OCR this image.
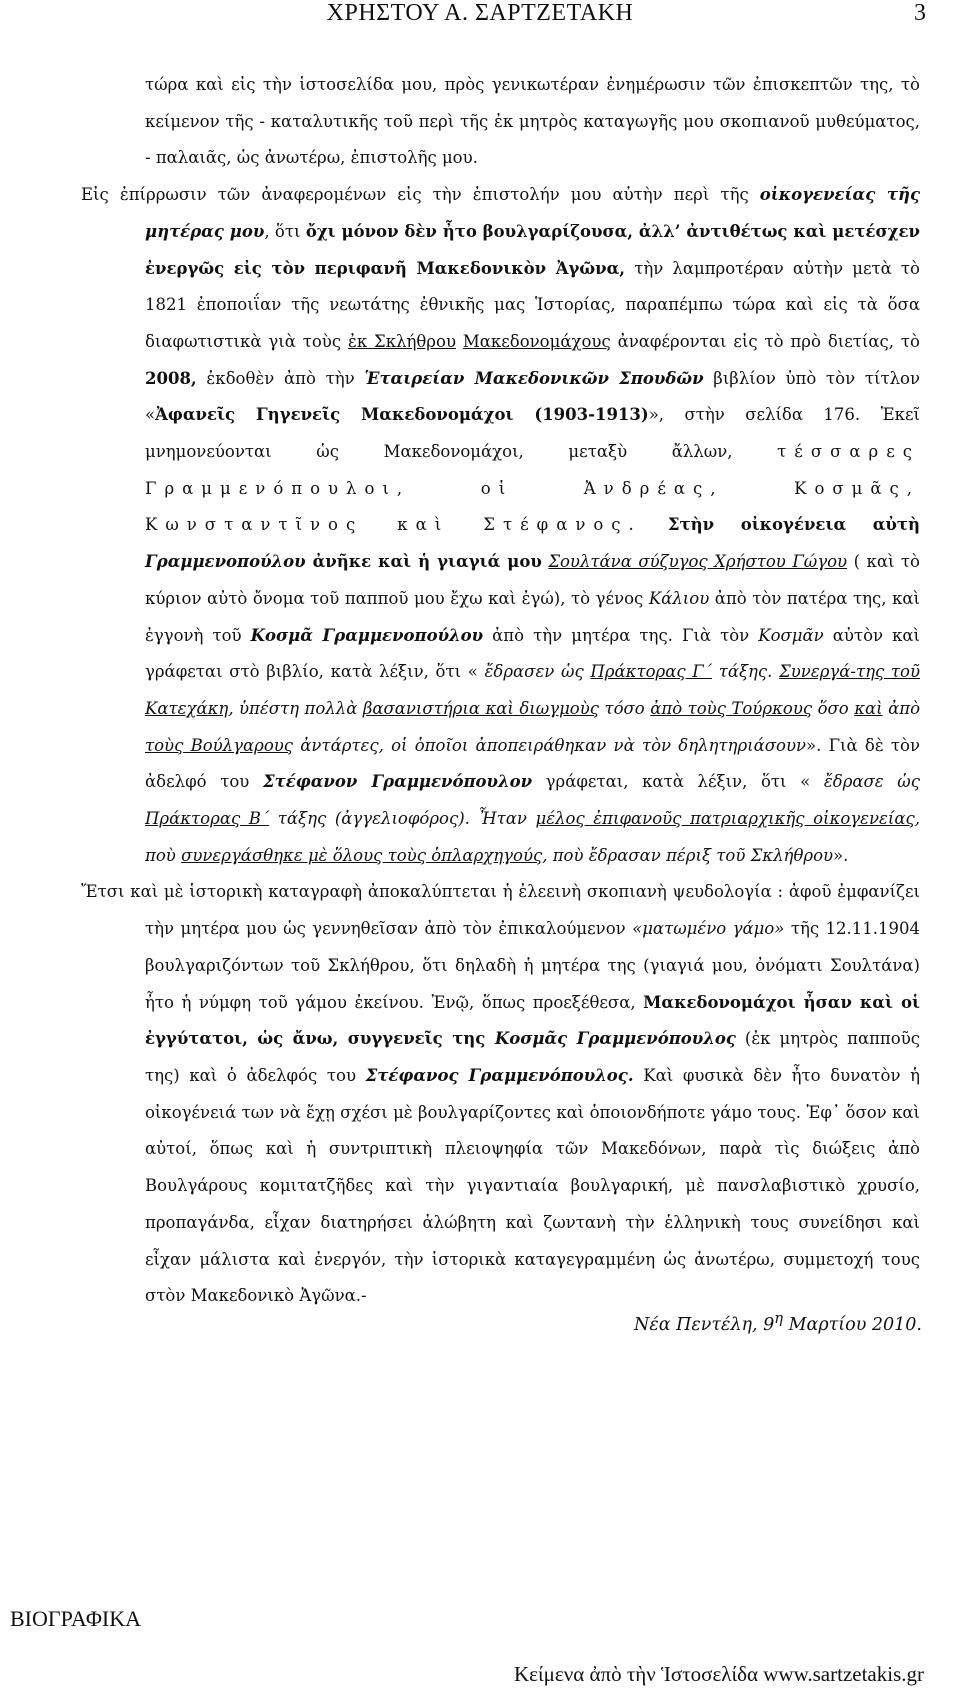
ΧΡΗΣΤΟΥ Α. ΣΑΡΤΖΕΤΑΚΗ	3

τώρα καὶ εἰς τὴν ἱστοσελίδα μου, πρὸς γενικωτέραν ἐνημέρωσιν τῶν ἐπισκεπτῶν της, τὸ κείμενον τῆς - καταλυτικῆς τοῦ περὶ τῆς ἐκ μητρὸς καταγωγῆς μου σκοπιανοῦ μυθεύματος, - παλαιᾶς, ὡς ἀνωτέρω, ἐπιστολῆς μου.

Εἰς ἐπίρρωσιν τῶν ἀναφερομένων εἰς τὴν ἐπιστολήν μου αὐτὴν περὶ τῆς οἰκογενείας τῆς μητέρας μου, ὅτι ὄχι μόνον δὲν ἦτο βουλγαρίζουσα, ἀλλ’ ἀντιθέτως καὶ μετέσχεν ἐνεργῶς εἰς τὸν περιφανῆ Μακεδονικὸν Ἀγῶνα, τὴν λαμπροτέραν αὐτὴν μετὰ τὸ 1821 ἐποποιΐαν τῆς νεωτάτης ἐθνικῆς μας Ἱστορίας, παραπέμπω τώρα καὶ εἰς τὰ ὅσα διαφωτιστικὰ γιὰ τοὺς ἐκ Σκλήθρου Μακεδονομάχους ἀναφέρονται εἰς τὸ πρὸ διετίας, τὸ 2008, ἐκδοθὲν ἀπὸ τὴν Ἑταιρείαν Μακεδονικῶν Σπουδῶν βιβλίον ὑπὸ τὸν τίτλον «Ἀφανεῖς Γηγενεῖς Μακεδονομάχοι (1903-1913)», στὴν σελίδα 176. Ἐκεῖ μνημονεύονται ὡς Μακεδονομάχοι, μεταξὺ ἄλλων, τέσσαρες Γραμμενόπουλοι, οἱ Ἀνδρέας, Κοσμᾶς, Κωνσταντῖνος καὶ Στέφανος. Στὴν οἰκογένεια αὐτὴ Γραμμενοπούλου ἀνῆκε καὶ ἡ γιαγιά μου Σουλτάνα σύζυγος Χρήστου Γώγου ( καὶ τὸ κύριον αὐτὸ ὄνομα τοῦ παπποῦ μου ἔχω καὶ ἐγώ), τὸ γένος Κάλιου ἀπὸ τὸν πατέρα της, καὶ ἐγγονὴ τοῦ Κοσμᾶ Γραμμενοπούλου ἀπὸ τὴν μητέρα της. Γιὰ τὸν Κοσμᾶν αὐτὸν καὶ γράφεται στὸ βιβλίο, κατὰ λέξιν, ὅτι « ἔδρασεν ὡς Πράκτορας Γ΄ τάξης. Συνεργά-της τοῦ Κατεχάκη, ὑπέστη πολλὰ βασανιστήρια καὶ διωγμοὺς τόσο ἀπὸ τοὺς Τούρκους ὅσο καὶ ἀπὸ τοὺς Βούλγαρους ἀντάρτες, οἱ ὁποῖοι ἀποπειράθηκαν νὰ τὸν δηλητηριάσουν». Γιὰ δὲ τὸν ἀδελφό του Στέφανον Γραμμενόπουλον γράφεται, κατὰ λέξιν, ὅτι « ἔδρασε ὡς Πράκτορας Β΄ τάξης (ἀγγελιοφόρος). Ἦταν μέλος ἐπιφανοῦς πατριαρχικῆς οἰκογενείας, ποὺ συνεργάσθηκε μὲ ὅλους τοὺς ὁπλαρχηγούς, ποὺ ἔδρασαν πέριξ τοῦ Σκλήθρου».

Ἔτσι καὶ μὲ ἱστορικὴ καταγραφὴ ἀποκαλύπτεται ἡ ἐλεεινὴ σκοπιανὴ ψευδολογία : ἀφοῦ ἐμφανίζει τὴν μητέρα μου ὡς γεννηθεῖσαν ἀπὸ τὸν ἐπικαλούμενον «ματωμένο γάμο» τῆς 12.11.1904 βουλγαριζόντων τοῦ Σκλήθρου, ὅτι δηλαδὴ ἡ μητέρα της (γιαγιά μου, ὀνόματι Σουλτάνα) ἦτο ἡ νύμφη τοῦ γάμου ἐκείνου. Ἐνῷ, ὅπως προεξέθεσα, Μακεδονομάχοι ἦσαν καὶ οἱ ἐγγύτατοι, ὡς ἄνω, συγγενεῖς της Κοσμᾶς Γραμμενόπουλος (ἐκ μητρὸς παπποῦς της) καὶ ὁ ἀδελφός του Στέφανος Γραμμενόπουλος. Καὶ φυσικὰ δὲν ἦτο δυνατὸν ἡ οἰκογένειά των νὰ ἔχῃ σχέσι μὲ βουλγαρίζοντες καὶ ὁποιονδήποτε γάμο τους. Ἐφ᾽ ὅσον καὶ αὐτοί, ὅπως καὶ ἡ συντριπτικὴ πλειοψηφία τῶν Μακεδόνων, παρὰ τὶς διώξεις ἀπὸ Βουλγάρους κομιτατζῆδες καὶ τὴν γιγαντιαία βουλγαρική, μὲ πανσλαβιστικὸ χρυσίο, προπαγάνδα, εἶχαν διατηρήσει ἀλώβητη καὶ ζωντανὴ τὴν ἑλληνικὴ τους συνείδησι καὶ εἶχαν μάλιστα καὶ ἐνεργόν, τὴν ἱστορικὰ καταγεγραμμένη ὡς ἀνωτέρω, συμμετοχή τους στὸν Μακεδονικὸ Ἀγῶνα.-

Νέα Πεντέλη, $9^\eta$ Μαρτίου 2010.
ΒΙΟΓΡΑΦΙΚΑ
Κείμενα ἀπὸ τὴν Ἱστοσελίδα www.sartzetakis.gr
